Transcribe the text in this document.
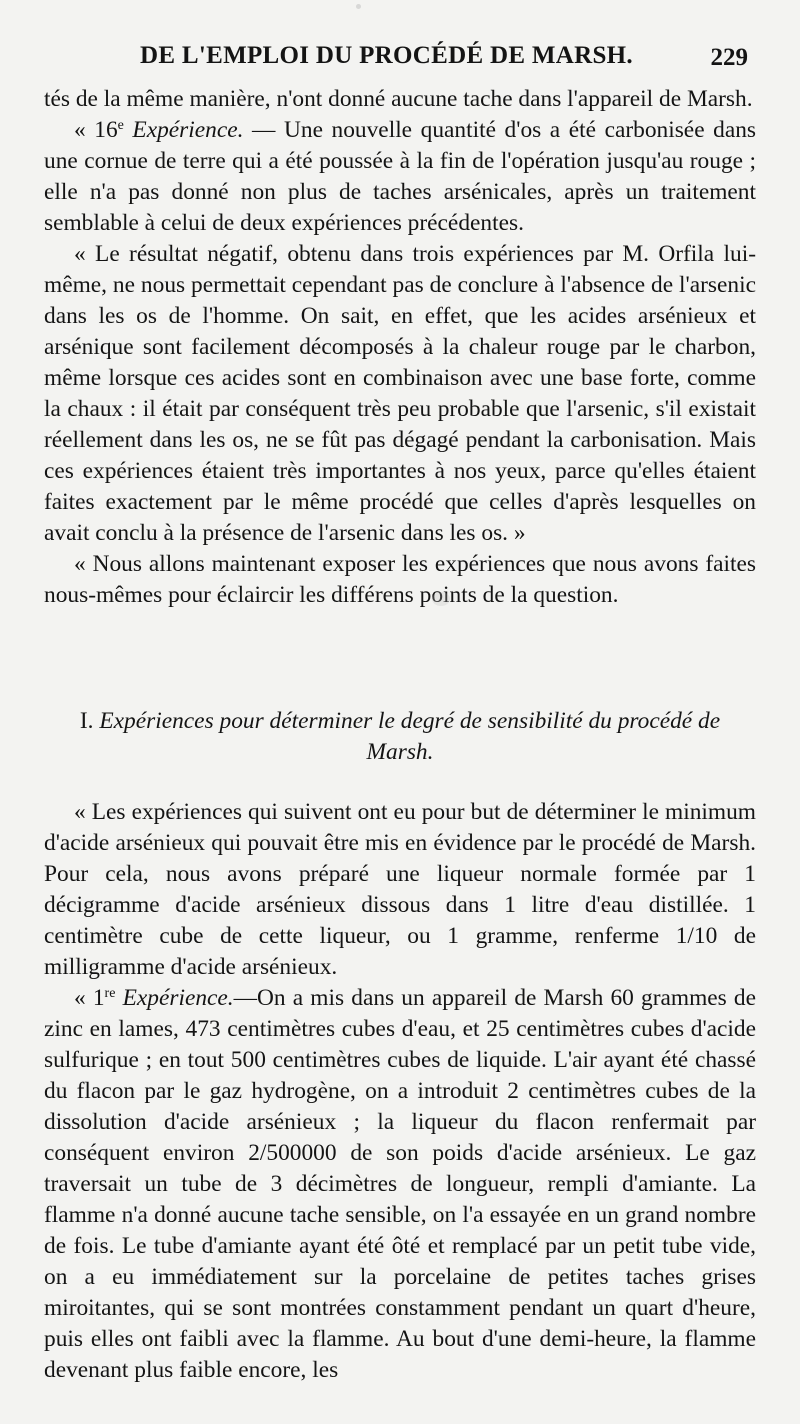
DE L'EMPLOI DU PROCÉDÉ DE MARSH.	229

tés de la même manière, n'ont donné aucune tache dans l'appareil de Marsh.

« 16e Expérience. — Une nouvelle quantité d'os a été carbonisée dans une cornue de terre qui a été poussée à la fin de l'opération jusqu'au rouge ; elle n'a pas donné non plus de taches arsénicales, après un traitement semblable à celui de deux expériences précédentes.

« Le résultat négatif, obtenu dans trois expériences par M. Orfila lui-même, ne nous permettait cependant pas de conclure à l'absence de l'arsenic dans les os de l'homme. On sait, en effet, que les acides arsénieux et arsénique sont facilement décomposés à la chaleur rouge par le charbon, même lorsque ces acides sont en combinaison avec une base forte, comme la chaux : il était par conséquent très peu probable que l'arsenic, s'il existait réellement dans les os, ne se fût pas dégagé pendant la carbonisation. Mais ces expériences étaient très importantes à nos yeux, parce qu'elles étaient faites exactement par le même procédé que celles d'après lesquelles on avait conclu à la présence de l'arsenic dans les os. »

« Nous allons maintenant exposer les expériences que nous avons faites nous-mêmes pour éclaircir les différens points de la question.

I. Expériences pour déterminer le degré de sensibilité du procédé de Marsh.

« Les expériences qui suivent ont eu pour but de déterminer le minimum d'acide arsénieux qui pouvait être mis en évidence par le procédé de Marsh. Pour cela, nous avons préparé une liqueur normale formée par 1 décigramme d'acide arsénieux dissous dans 1 litre d'eau distillée. 1 centimètre cube de cette liqueur, ou 1 gramme, renferme 1/10 de milligramme d'acide arsénieux.

« 1re Expérience.—On a mis dans un appareil de Marsh 60 grammes de zinc en lames, 473 centimètres cubes d'eau, et 25 centimètres cubes d'acide sulfurique ; en tout 500 centimètres cubes de liquide. L'air ayant été chassé du flacon par le gaz hydrogène, on a introduit 2 centimètres cubes de la dissolution d'acide arsénieux ; la liqueur du flacon renfermait par conséquent environ 2/500000 de son poids d'acide arsénieux. Le gaz traversait un tube de 3 décimètres de longueur, rempli d'amiante. La flamme n'a donné aucune tache sensible, on l'a essayée en un grand nombre de fois. Le tube d'amiante ayant été ôté et remplacé par un petit tube vide, on a eu immédiatement sur la porcelaine de petites taches grises miroitantes, qui se sont montrées constamment pendant un quart d'heure, puis elles ont faibli avec la flamme. Au bout d'une demi-heure, la flamme devenant plus faible encore, les
